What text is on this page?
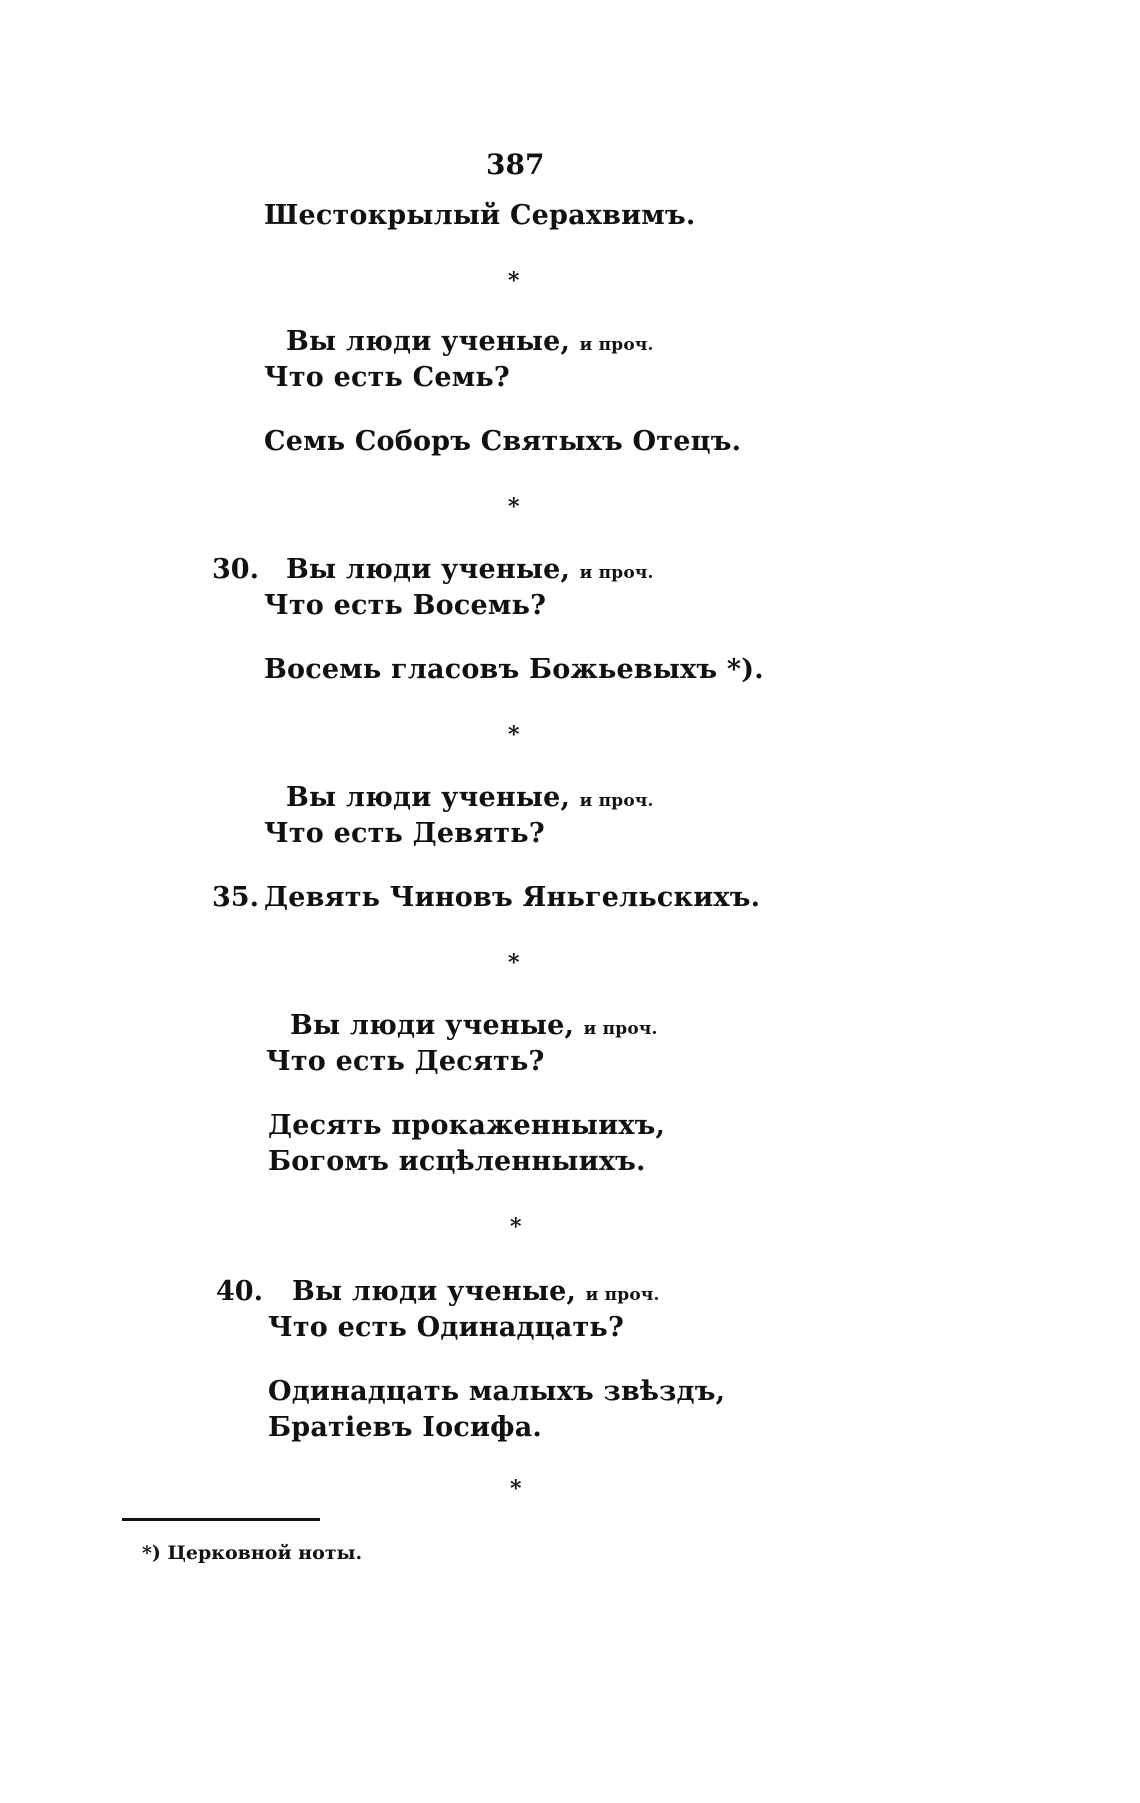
387
Шестокрылый Серахвимъ.
*
Вы люди ученые, и проч.
Что есть Семь?
Семь Соборъ Святыхъ Отецъ.
*
30. Вы люди ученые, и проч.
Что есть Восемь?
Восемь гласовъ Божьевыхъ *).
*
Вы люди ученые, и проч.
Что есть Девять?
35. Девять Чиновъ Яньгельскихъ.
*
Вы люди ученые, и проч.
Что есть Десять?
Десять прокаженныихъ,
Богомъ исцѣленныихъ.
*
40. Вы люди ученые, и проч.
Что есть Одинадцать?
Одинадцать малыхъ звѣздъ,
Братіевъ Іосифа.
*
*) Церковной ноты.
